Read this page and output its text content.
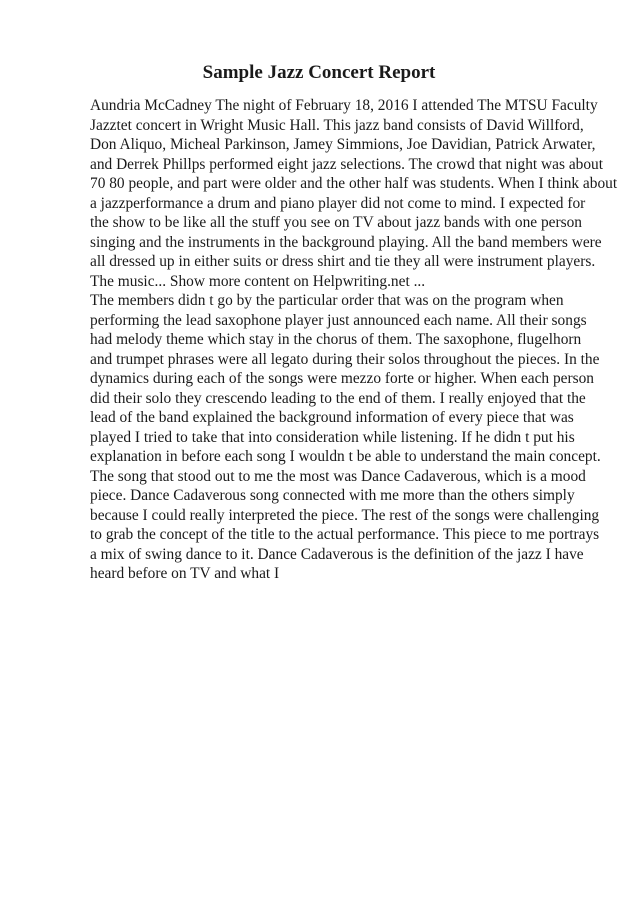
Sample Jazz Concert Report
Aundria McCadney The night of February 18, 2016 I attended The MTSU Faculty
Jazztet concert in Wright Music Hall. This jazz band consists of David Willford,
Don Aliquo, Micheal Parkinson, Jamey Simmions, Joe Davidian, Patrick Arwater,
and Derrek Phillps performed eight jazz selections. The crowd that night was about
70 80 people, and part were older and the other half was students. When I think about
a jazzperformance a drum and piano player did not come to mind. I expected for
the show to be like all the stuff you see on TV about jazz bands with one person
singing and the instruments in the background playing. All the band members were
all dressed up in either suits or dress shirt and tie they all were instrument players.
The music... Show more content on Helpwriting.net ...
The members didn t go by the particular order that was on the program when
performing the lead saxophone player just announced each name. All their songs
had melody theme which stay in the chorus of them. The saxophone, flugelhorn
and trumpet phrases were all legato during their solos throughout the pieces. In the
dynamics during each of the songs were mezzo forte or higher. When each person
did their solo they crescendo leading to the end of them. I really enjoyed that the
lead of the band explained the background information of every piece that was
played I tried to take that into consideration while listening. If he didn t put his
explanation in before each song I wouldn t be able to understand the main concept.
The song that stood out to me the most was Dance Cadaverous, which is a mood
piece. Dance Cadaverous song connected with me more than the others simply
because I could really interpreted the piece. The rest of the songs were challenging
to grab the concept of the title to the actual performance. This piece to me portrays
a mix of swing dance to it. Dance Cadaverous is the definition of the jazz I have
heard before on TV and what I
